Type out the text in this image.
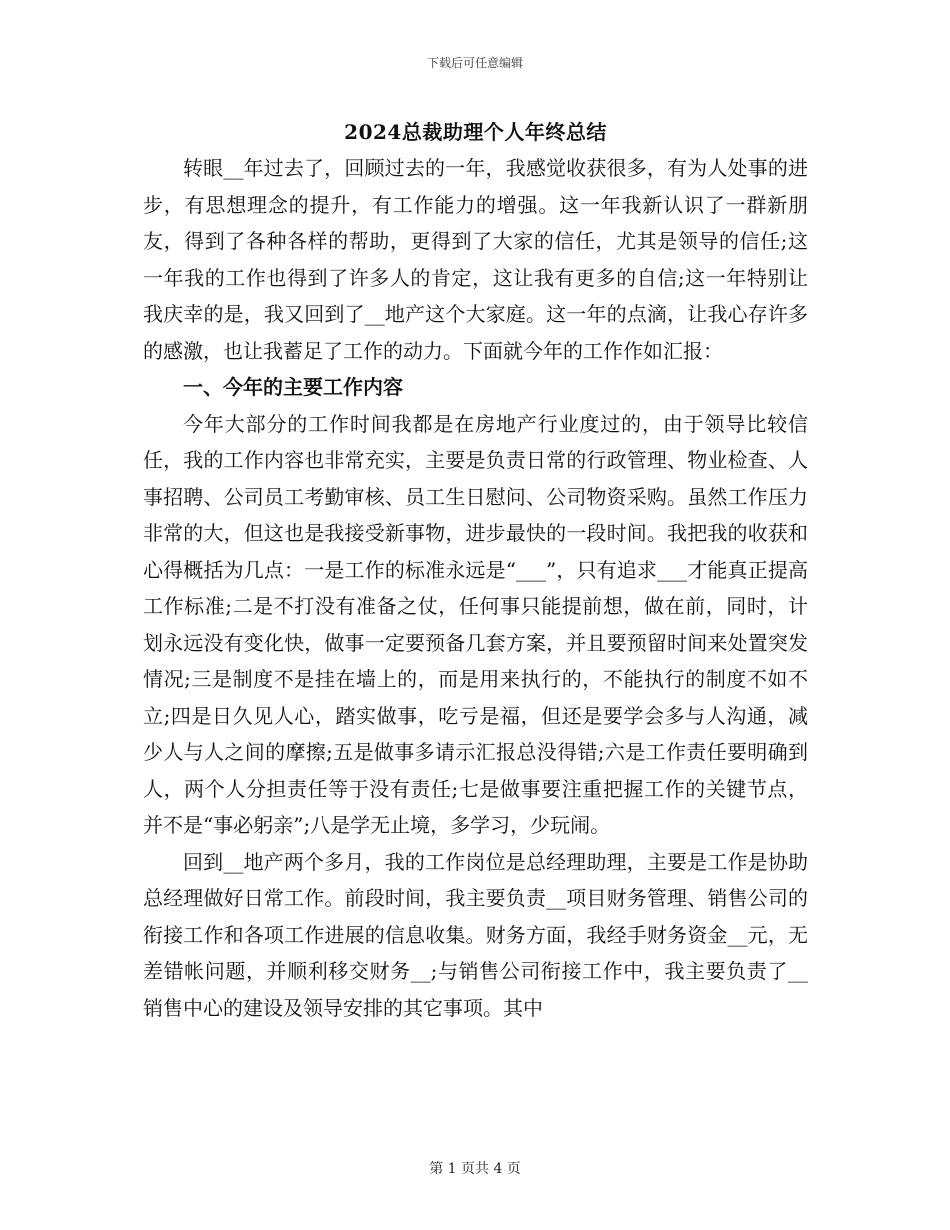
下载后可任意编辑
2024总裁助理个人年终总结

转眼__年过去了，回顾过去的一年，我感觉收获很多，有为人处事的进步，有思想理念的提升，有工作能力的增强。这一年我新认识了一群新朋友，得到了各种各样的帮助，更得到了大家的信任，尤其是领导的信任;这一年我的工作也得到了许多人的肯定，这让我有更多的自信;这一年特别让我庆幸的是，我又回到了__地产这个大家庭。这一年的点滴，让我心存许多的感激，也让我蓄足了工作的动力。下面就今年的工作作如汇报：

一、今年的主要工作内容

今年大部分的工作时间我都是在房地产行业度过的，由于领导比较信任，我的工作内容也非常充实，主要是负责日常的行政管理、物业检查、人事招聘、公司员工考勤审核、员工生日慰问、公司物资采购。虽然工作压力非常的大，但这也是我接受新事物，进步最快的一段时间。我把我的收获和心得概括为几点：一是工作的标准永远是“___”，只有追求___才能真正提高工作标准;二是不打没有准备之仗，任何事只能提前想，做在前，同时，计划永远没有变化快，做事一定要预备几套方案，并且要预留时间来处置突发情况;三是制度不是挂在墙上的，而是用来执行的，不能执行的制度不如不立;四是日久见人心，踏实做事，吃亏是福，但还是要学会多与人沟通，减少人与人之间的摩擦;五是做事多请示汇报总没得错;六是工作责任要明确到人，两个人分担责任等于没有责任;七是做事要注重把握工作的关键节点，并不是“事必躬亲”;八是学无止境，多学习，少玩闹。

回到__地产两个多月，我的工作岗位是总经理助理，主要是工作是协助总经理做好日常工作。前段时间，我主要负责__项目财务管理、销售公司的衔接工作和各项工作进展的信息收集。财务方面，我经手财务资金__元，无差错帐问题，并顺利移交财务__;与销售公司衔接工作中，我主要负责了__销售中心的建设及领导安排的其它事项。其中

第 1 页共 4 页
